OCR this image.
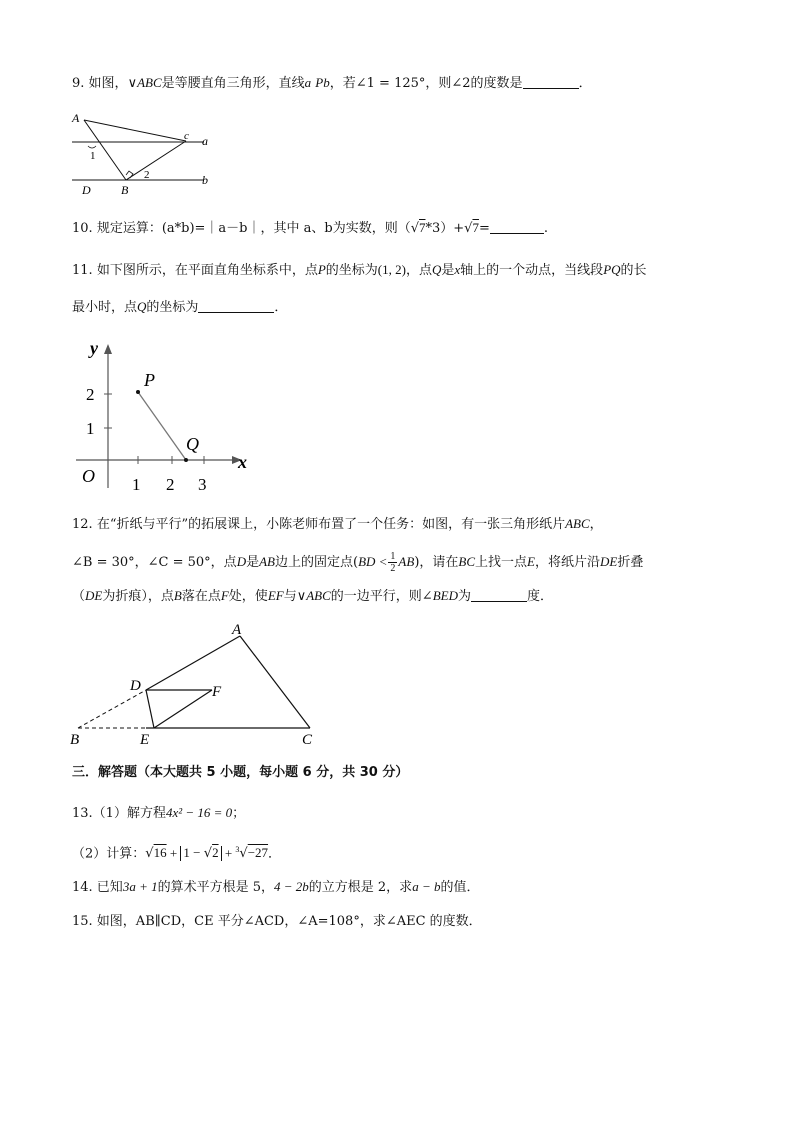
9. 如图，∨ABC是等腰直角三角形，直线a Pb，若∠1 = 125°，则∠2的度数是	．
A
c a
1
2
D	B
b
10. 规定运算：(a*b)=｜a－b｜，其中 a、b为实数，则（√7*3）+√7=	.
11. 如下图所示，在平面直角坐标系中，点P的坐标为(1, 2)，点Q是x轴上的一个动点，当线段PQ的长
最小时，点Q的坐标为	．
y
x
O
P
Q
1 2 3
1
2
12. 在“折纸与平行”的拓展课上，小陈老师布置了一个任务：如图，有一张三角形纸片ABC，
∠B = 30°，∠C = 50°，点D是AB边上的固定点$(BD < \frac{1}{2} AB)$，请在BC上找一点E，将纸片沿DE折叠
（DE为折痕），点B落在点F处，使EF与∨ABC的一边平行，则∠BED为	度．
A
D	F
B	E	C
三．解答题（本大题共 5 小题，每小题 6 分，共 30 分）
13.（1）解方程4x² − 16 = 0；
（2）计算：√16 + 1 − √2 + $^3$√−27．
14. 已知3a + 1的算术平方根是 5，4 − 2b的立方根是 2，求a − b的值．
15. 如图，AB∥CD，CE 平分∠ACD，∠A=108°，求∠AEC 的度数．
